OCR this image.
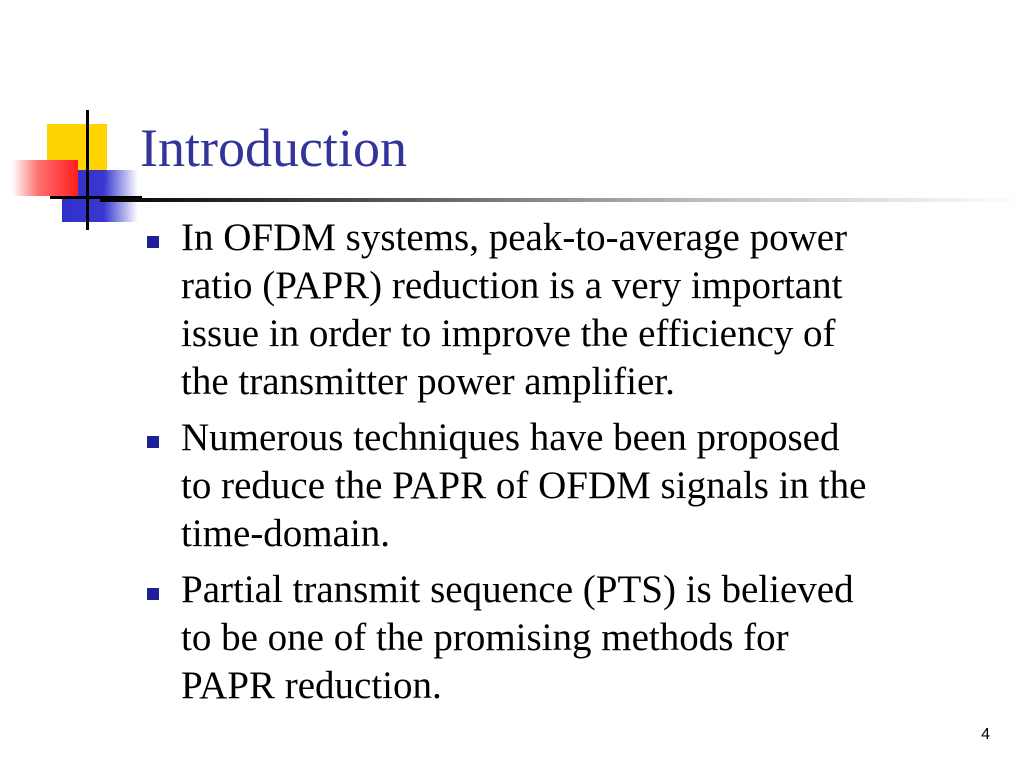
Introduction
In OFDM systems, peak-to-average power
ratio (PAPR) reduction is a very important
issue in order to improve the efficiency of
the transmitter power amplifier.
Numerous techniques have been proposed
to reduce the PAPR of OFDM signals in the
time-domain.
Partial transmit sequence (PTS) is believed
to be one of the promising methods for
PAPR reduction.
4
